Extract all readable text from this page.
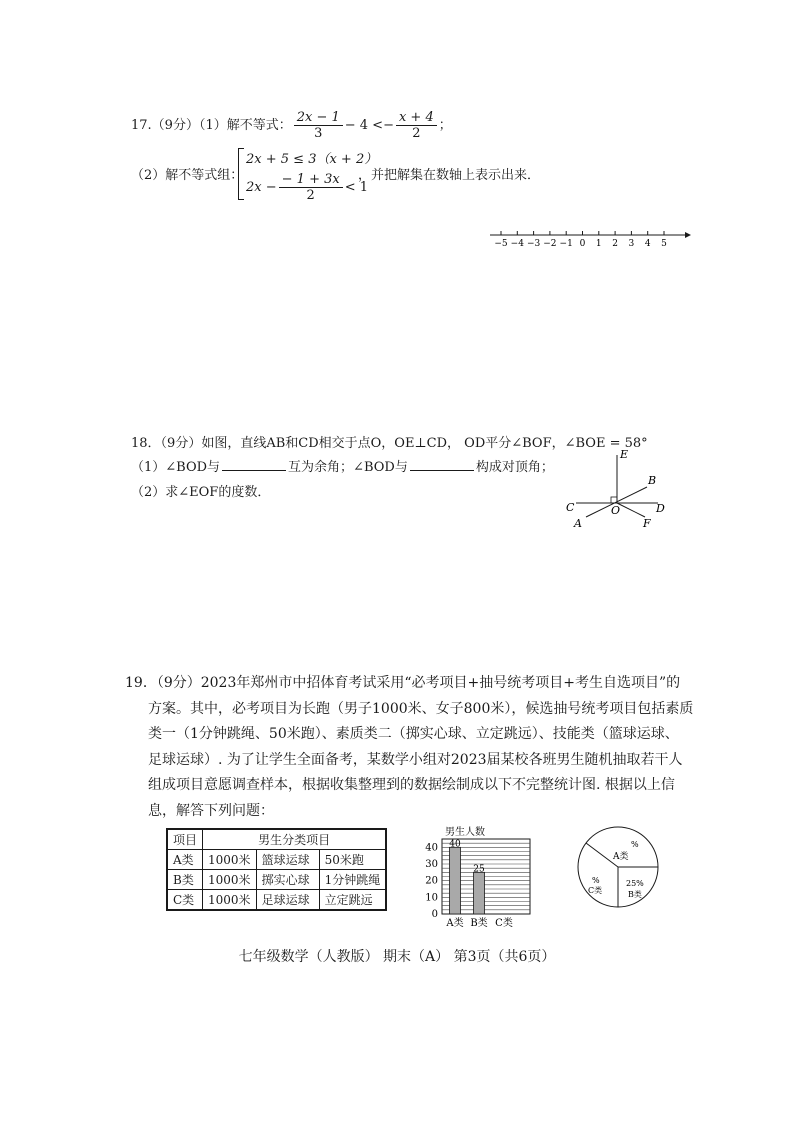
17.（9分）（1）解不等式： $\frac{2x - 1}{3} - 4 <- \frac{x + 4}{2}$ ；
（2）解不等式组：
2x + 5 ≤ 3（x + 2）
$2x - \frac{- 1 + 3x}{2} < 1$
，并把解集在数轴上表示出来．
−5 −4 −3 −2 −1 0 1 2 3 4 5
18．（9分）如图，直线AB和CD相交于点O，OE⊥CD， OD平分∠BOF，∠BOE = 58°
（1）∠BOD与	互为余角；∠BOD与	构成对顶角；
（2）求∠EOF的度数．
E
B
C	O	D
A	F

19．（9分）2023年郑州市中招体育考试采用“必考项目+抽号统考项目+考生自选项目”的

方案。其中，必考项目为长跑（男子1000米、女子800米），候选抽号统考项目包括素质

类一（1分钟跳绳、50米跑）、素质类二（掷实心球、立定跳远）、技能类（篮球运球、

足球运球）. 为了让学生全面备考，某数学小组对2023届某校各班男生随机抽取若干人

组成项目意愿调查样本，根据收集整理到的数据绘制成以下不完整统计图. 根据以上信

息，解答下列问题：

项目	男生分类项目		
A类	1000米	篮球运球	50米跑
B类	1000米	掷实心球	1分钟跳绳
C类	1000米	足球运球	立定跳远
男生人数
40
25
0
10
20
30
40
A类 B类 C类
%
A类
25%
B类
%
C类
七年级数学（人教版） 期末（A） 第3页（共6页）
